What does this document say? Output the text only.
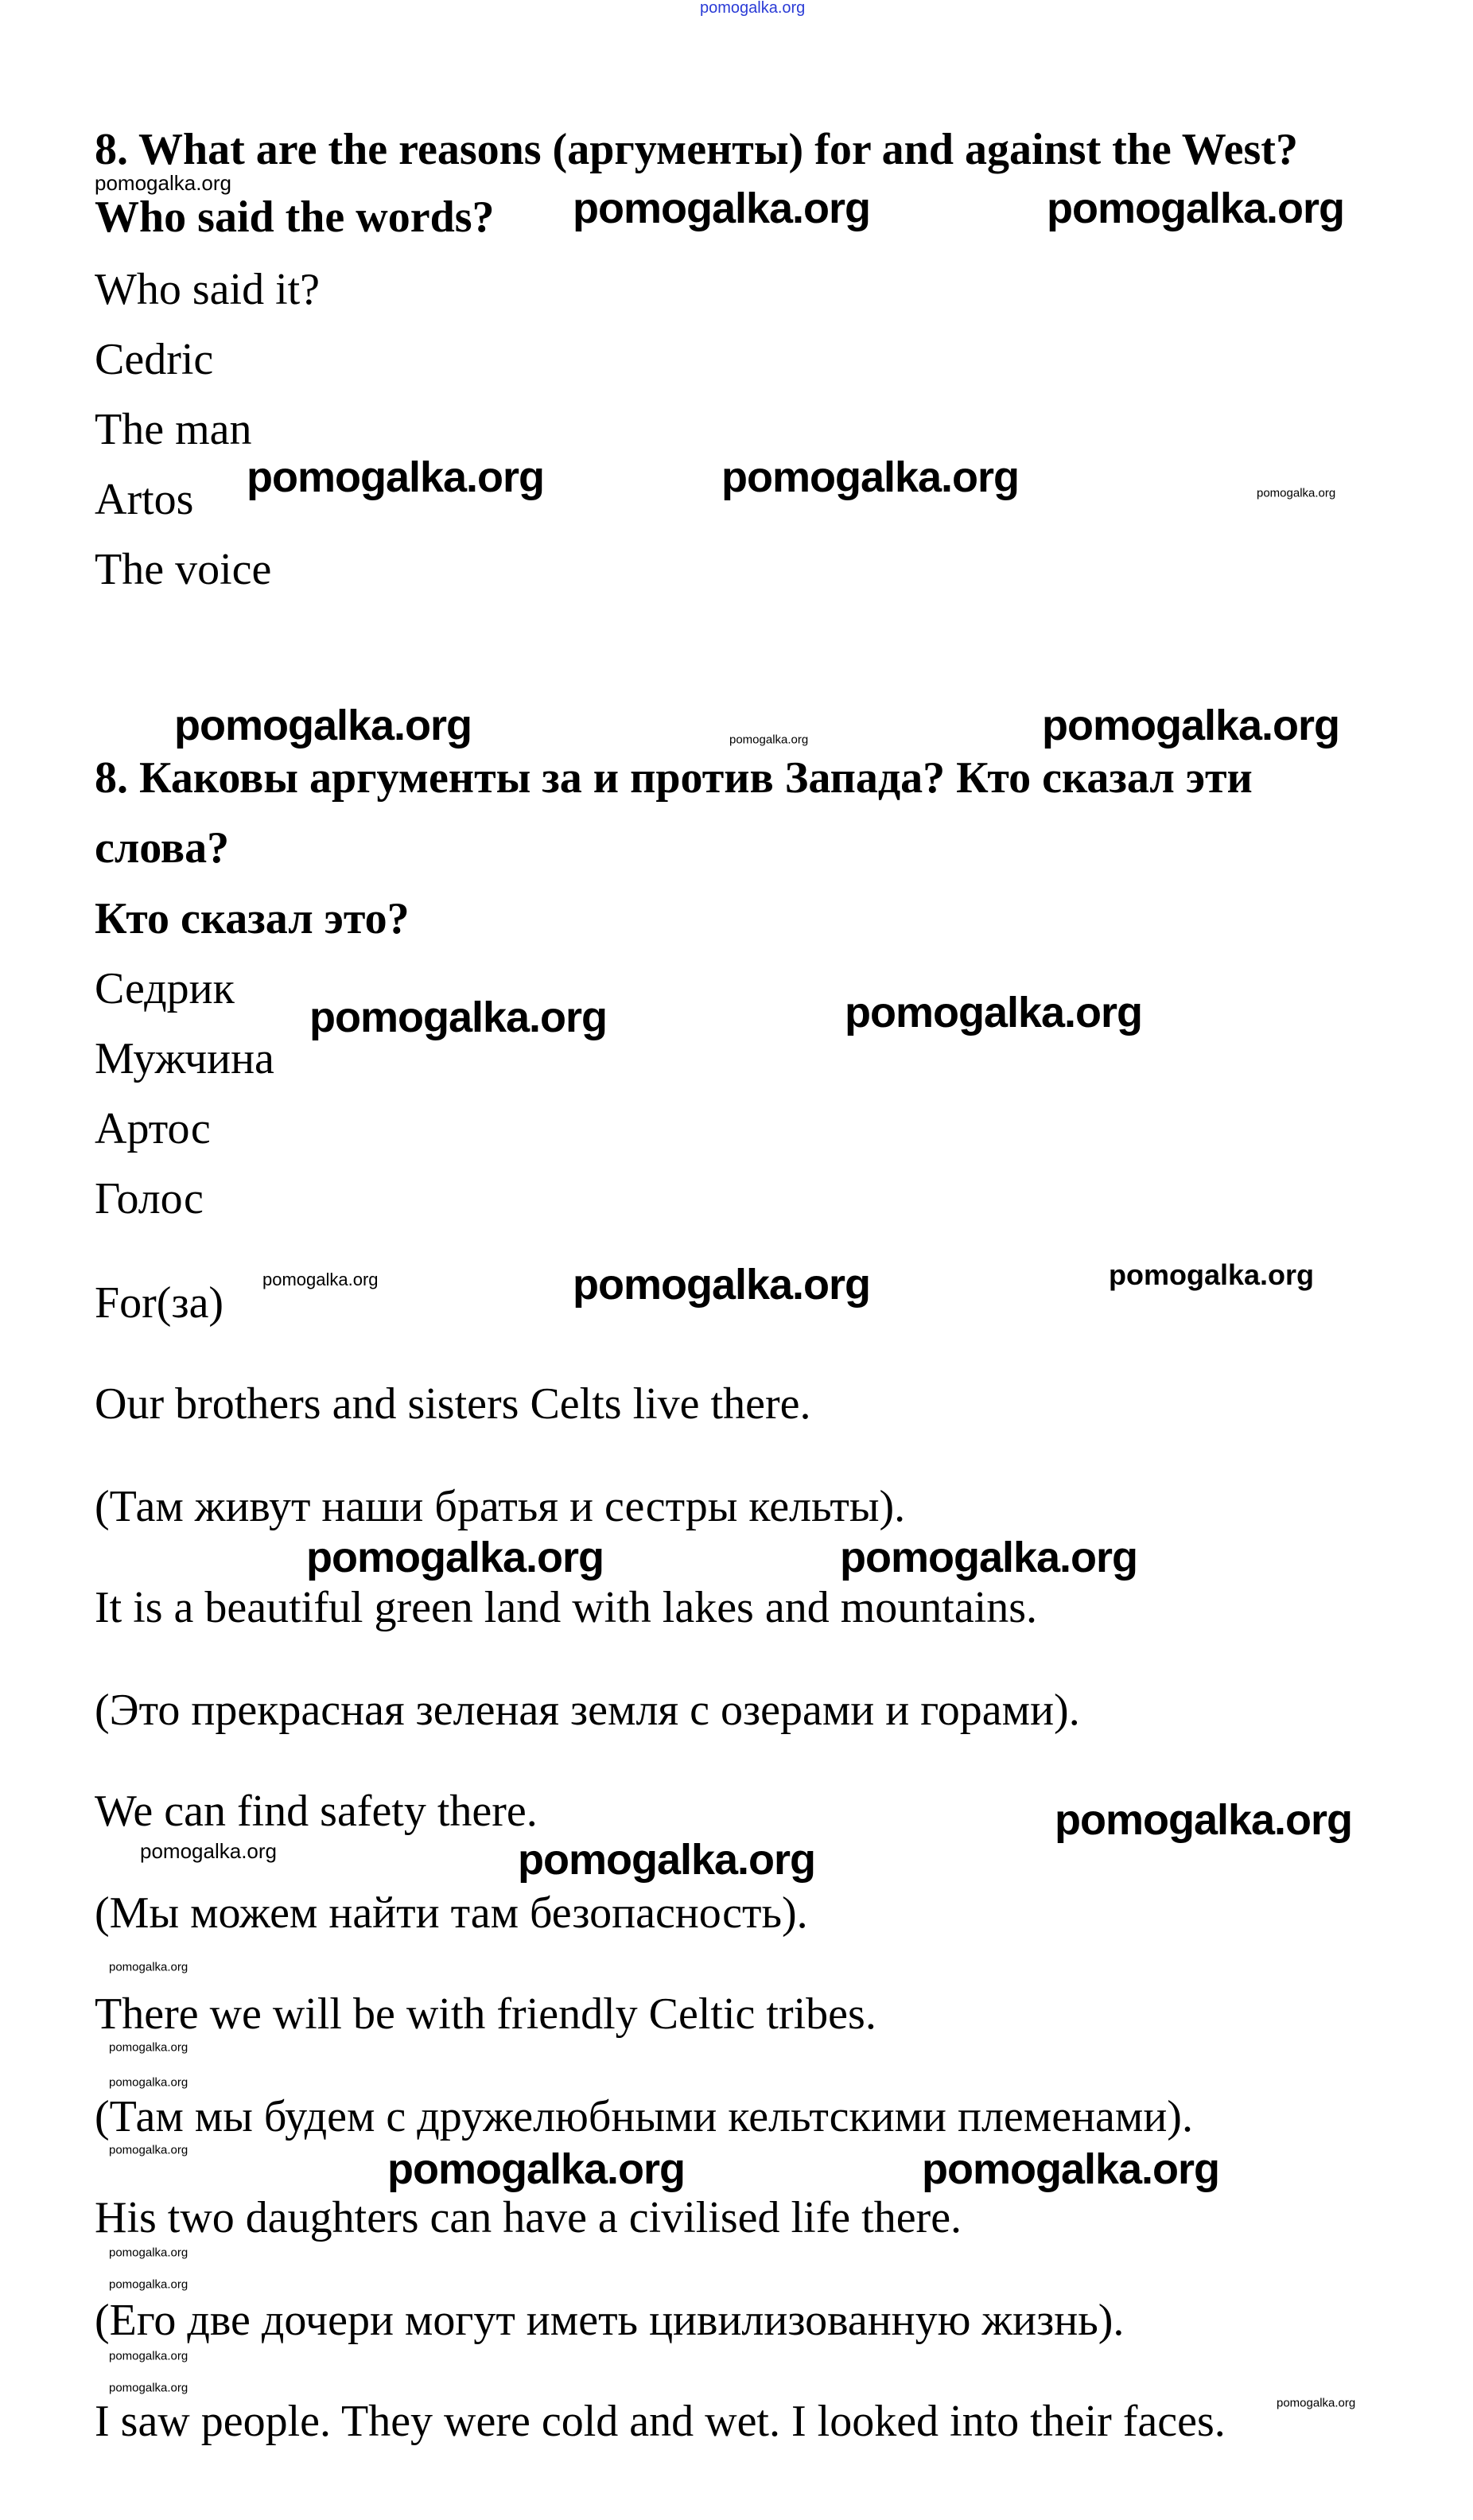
8. What are the reasons (аргументы) for and against the West?
Who said the words?
Who said it?
Cedric
The man
Artos
The voice
8. Каковы аргументы за и против Запада? Кто сказал эти
слова?
Кто сказал это?
Седрик
Мужчина
Артос
Голос
For(за)
Our brothers and sisters Celts live there.
(Там живут наши братья и сестры кельты).
It is a beautiful green land with lakes and mountains.
(Это прекрасная зеленая земля с озерами и горами).
We can find safety there.
(Мы можем найти там безопасность).
There we will be with friendly Celtic tribes.
(Там мы будем с дружелюбными кельтскими племенами).
His two daughters can have a civilised life there.
(Его две дочери могут иметь цивилизованную жизнь).
I saw people. They were cold and wet. I looked into their faces.
pomogalka.org
pomogalka.org
pomogalka.org	pomogalka.org
pomogalka.org	pomogalka.org	pomogalka.org
pomogalka.org	pomogalka.org
pomogalka.org
pomogalka.org	pomogalka.org
pomogalka.org	pomogalka.org	pomogalka.org
pomogalka.org	pomogalka.org
pomogalka.org	pomogalka.org
pomogalka.org
pomogalka.org
pomogalka.org
pomogalka.org
pomogalka.org	pomogalka.org	pomogalka.org
pomogalka.org
pomogalka.org
pomogalka.org
pomogalka.org
pomogalka.org
